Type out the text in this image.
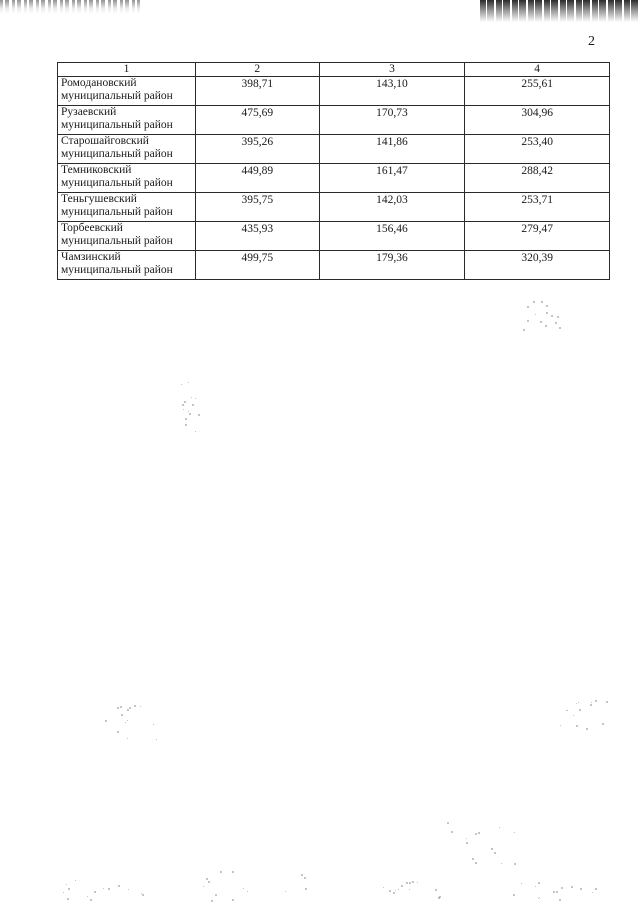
2
1	2	3	4

Ромодановский
муниципальный район	398,71	143,10	255,61

Рузаевский
муниципальный район	475,69	170,73	304,96

Старошайговский
муниципальный район	395,26	141,86	253,40

Темниковский
муниципальный район	449,89	161,47	288,42

Теньгушевский
муниципальный район	395,75	142,03	253,71

Торбеевский
муниципальный район	435,93	156,46	279,47

Чамзинский
муниципальный район	499,75	179,36	320,39
